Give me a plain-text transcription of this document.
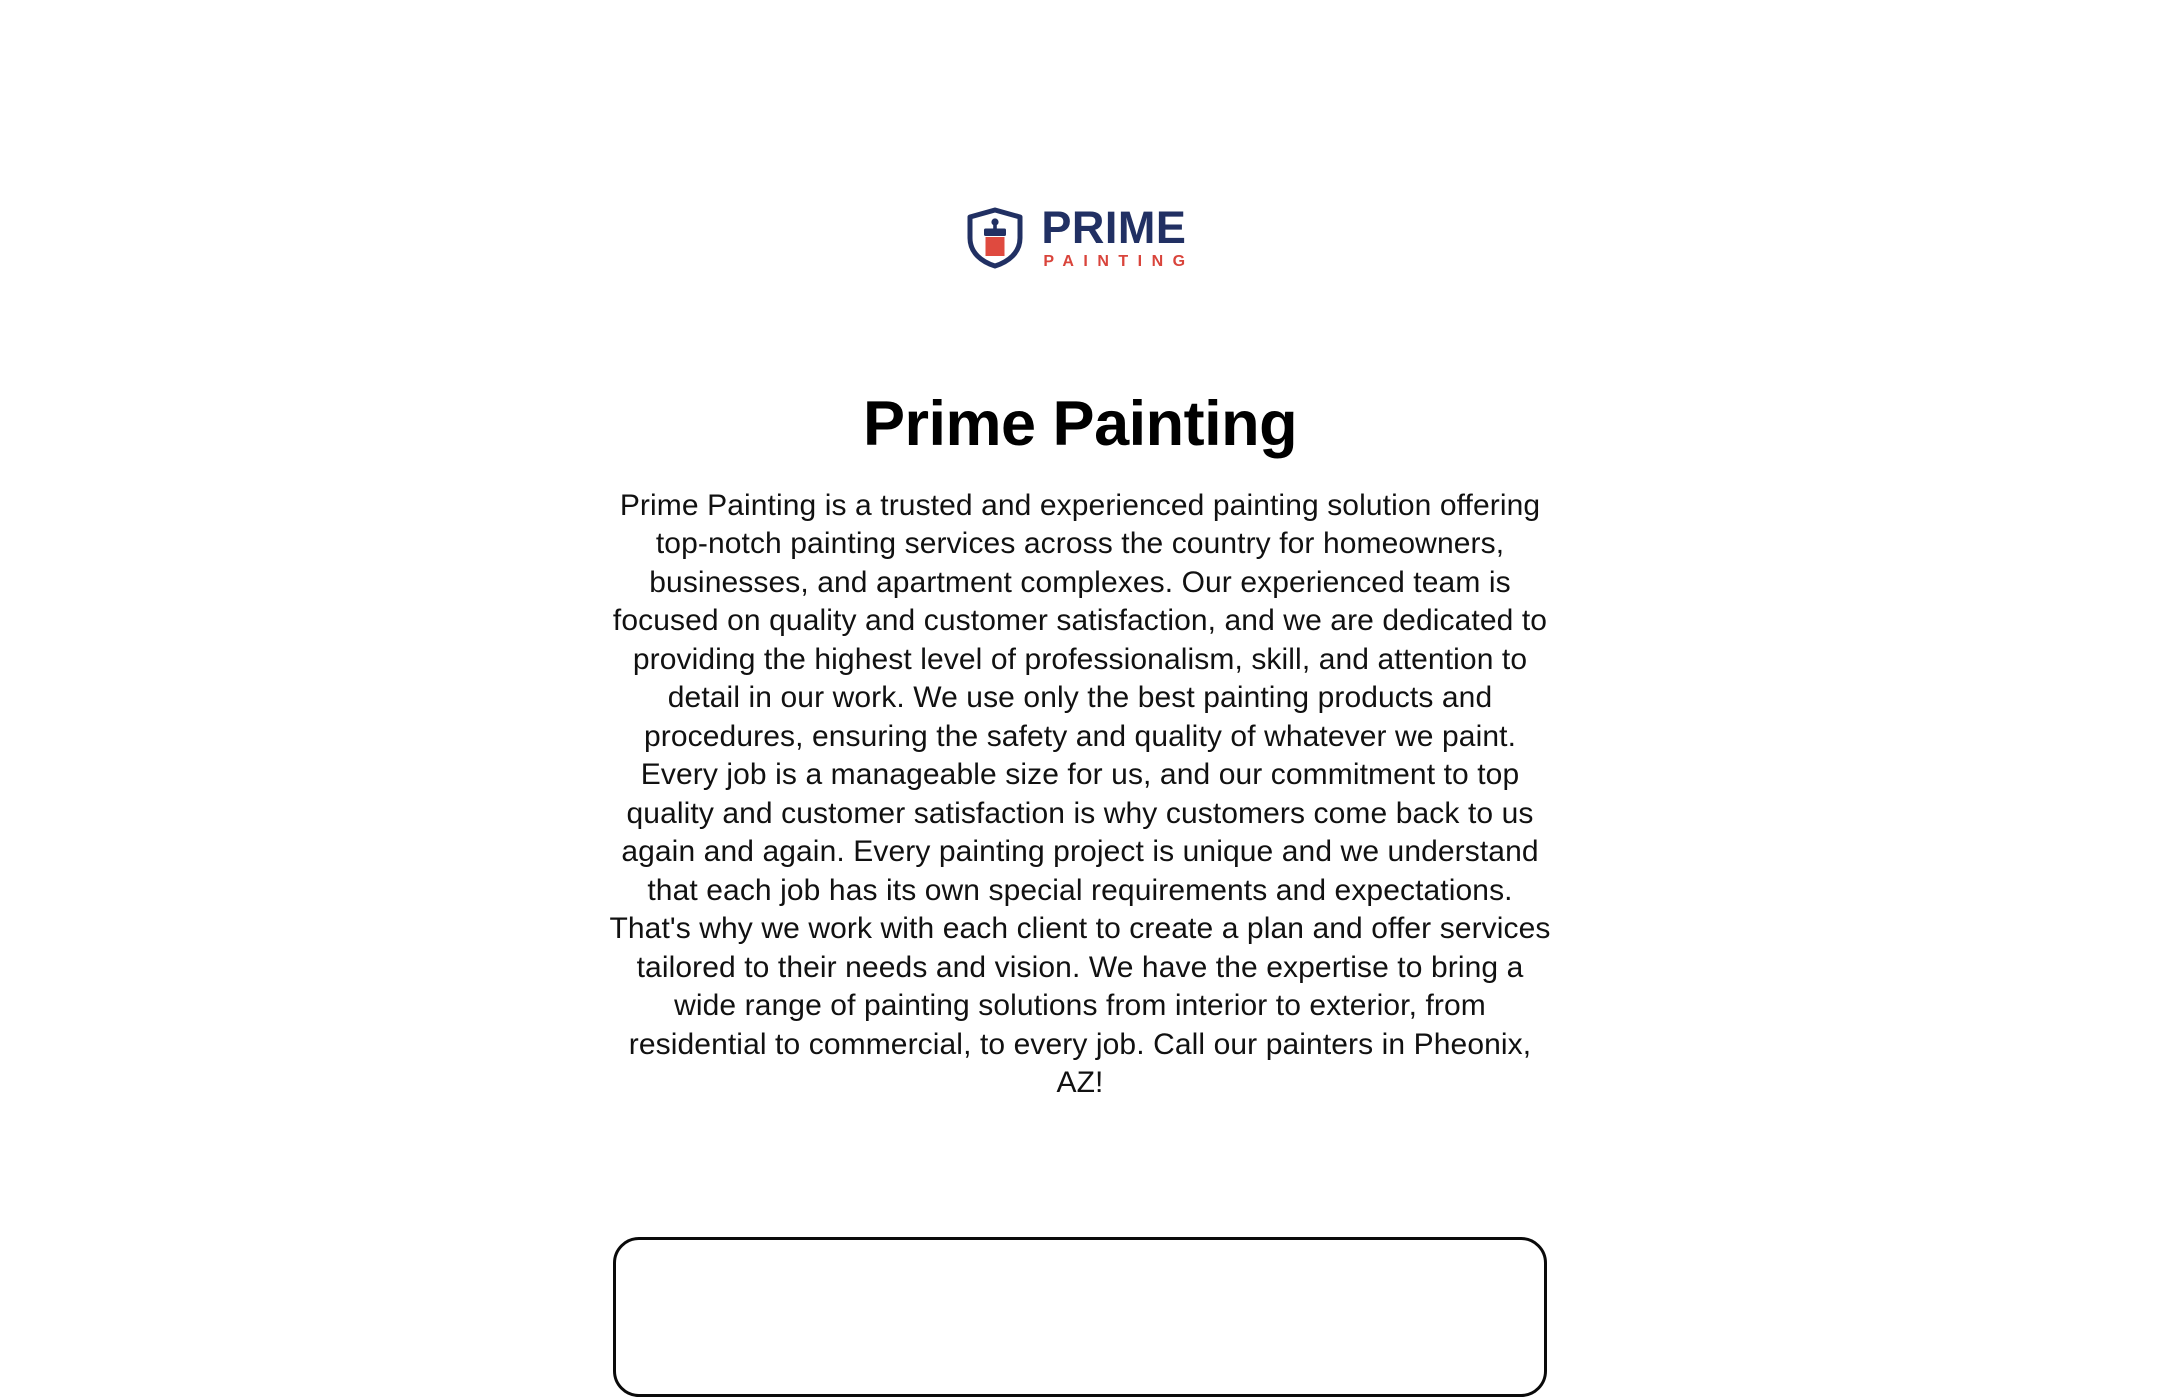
PRIME
PAINTING
Prime Painting

Prime Painting is a trusted and experienced painting solution offering top-notch painting services across the country for homeowners, businesses, and apartment complexes. Our experienced team is focused on quality and customer satisfaction, and we are dedicated to providing the highest level of professionalism, skill, and attention to detail in our work. We use only the best painting products and procedures, ensuring the safety and quality of whatever we paint. Every job is a manageable size for us, and our commitment to top quality and customer satisfaction is why customers come back to us again and again. Every painting project is unique and we understand that each job has its own special requirements and expectations. That's why we work with each client to create a plan and offer services tailored to their needs and vision. We have the expertise to bring a wide range of painting solutions from interior to exterior, from residential to commercial, to every job. Call our painters in Pheonix, AZ!
